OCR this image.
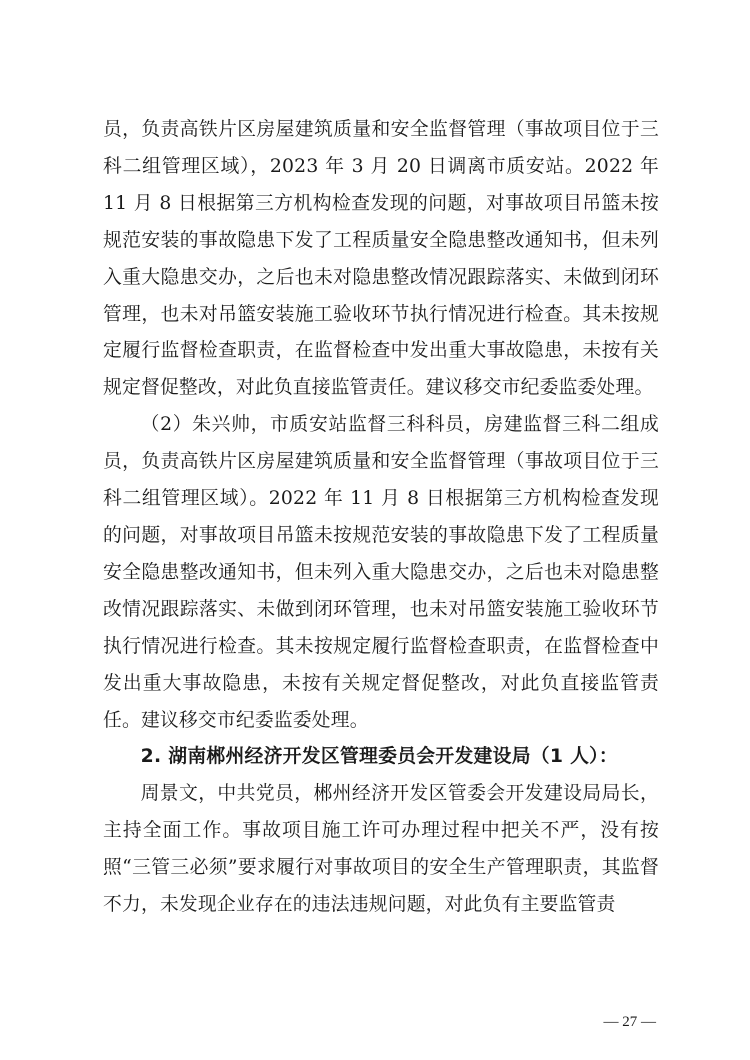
员，负责高铁片区房屋建筑质量和安全监督管理（事故项目位于三科二组管理区域），2023 年 3 月 20 日调离市质安站。2022 年 11 月 8 日根据第三方机构检查发现的问题，对事故项目吊篮未按规范安装的事故隐患下发了工程质量安全隐患整改通知书，但未列入重大隐患交办，之后也未对隐患整改情况跟踪落实、未做到闭环管理，也未对吊篮安装施工验收环节执行情况进行检查。其未按规定履行监督检查职责，在监督检查中发出重大事故隐患，未按有关规定督促整改，对此负直接监管责任。建议移交市纪委监委处理。

（2）朱兴帅，市质安站监督三科科员，房建监督三科二组成员，负责高铁片区房屋建筑质量和安全监督管理（事故项目位于三科二组管理区域）。2022 年 11 月 8 日根据第三方机构检查发现的问题，对事故项目吊篮未按规范安装的事故隐患下发了工程质量安全隐患整改通知书，但未列入重大隐患交办，之后也未对隐患整改情况跟踪落实、未做到闭环管理，也未对吊篮安装施工验收环节执行情况进行检查。其未按规定履行监督检查职责，在监督检查中发出重大事故隐患，未按有关规定督促整改，对此负直接监管责任。建议移交市纪委监委处理。

2. 湖南郴州经济开发区管理委员会开发建设局（1 人）：

周景文，中共党员，郴州经济开发区管委会开发建设局局长，主持全面工作。事故项目施工许可办理过程中把关不严，没有按照“三管三必须”要求履行对事故项目的安全生产管理职责，其监督不力，未发现企业存在的违法违规问题，对此负有主要监管责

— 27 —
